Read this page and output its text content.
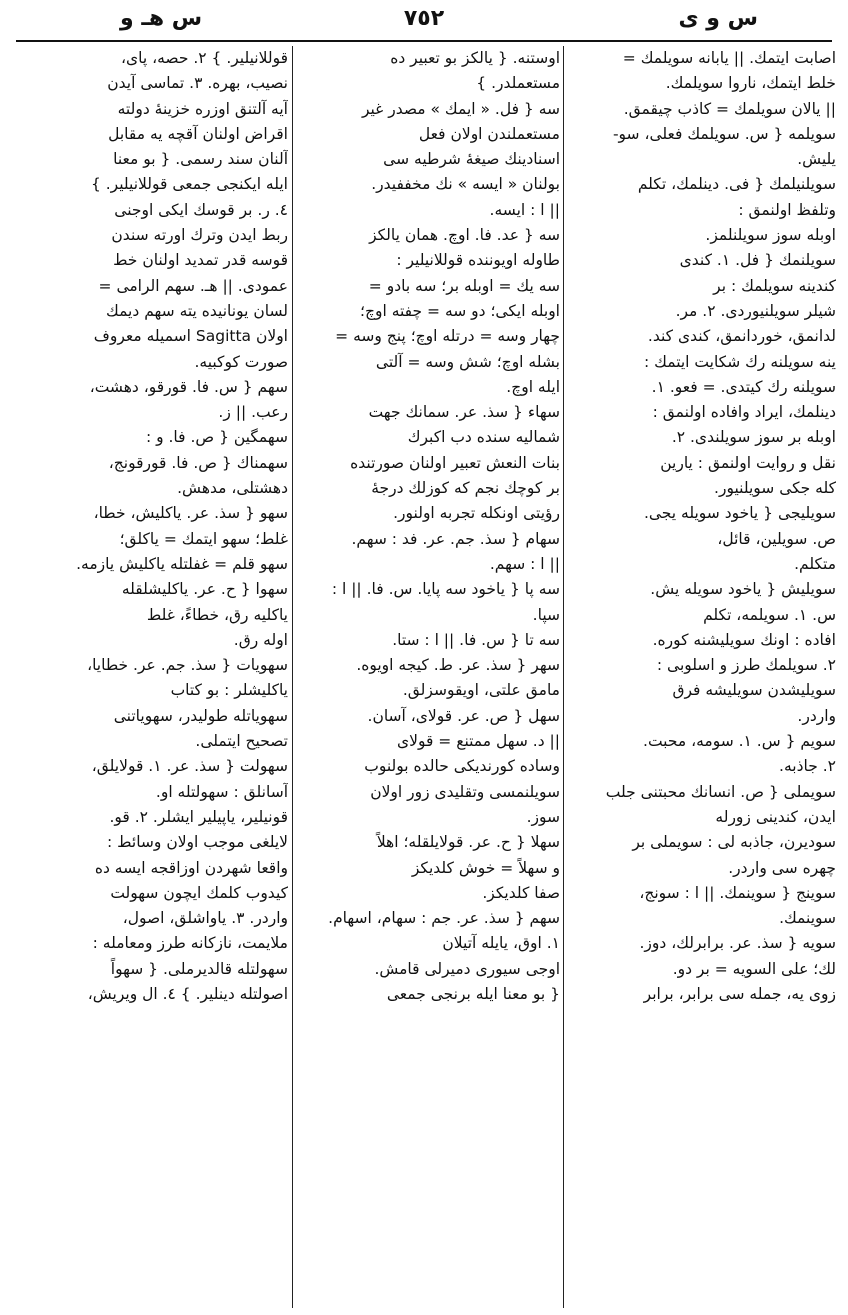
س هـ و	٧٥٢	س و ی
اصابت ایتمك. || یابانه سویلمك =
خلط ایتمك، ناروا سویلمك.
|| یالان سویلمك = كاذب چیقمق.
سویلمه { س. سویلمك فعلی، سو-
یلیش.
سویلنیلمك { فی. دینلمك، تكلم
وتلفظ اولنمق :
اوبله سوز سویلنلمز.
سویلنمك { فل. ١. كندی
كندینه سویلمك : بر
شیلر سویلنیوردی. ٢. مر.
لدانمق، خوردانمق، كندی كند.
ینه سویلنه رك شكایت ایتمك :
سویلنه رك كیتدی. = فعو. ١.
دینلمك، ایراد وافاده اولنمق :
اوبله بر سوز سویلندی. ٢.
نقل و روایت اولنمق : یارین
كله جكی سویلنیور.
سویلیجی { یاخود سویله یجی.
ص. سویلین، قائل،
متكلم.
سویلیش { یاخود سویله یش.
س. ١. سویلمه، تكلم
افاده : اونك سویلیشنه كوره.
٢. سویلمك طرز و اسلوبی :
سویلیشدن سویلیشه فرق
واردر.
سویم { س. ١. سومه، محبت.
٢. جاذبه.
سویملی { ص. انسانك محبتنی جلب
ایدن، كندینی زورله
سودیرن، جاذبه لی : سویملی بر
چهره سی واردر.
سوینج { سوینمك. || ا : سونج،
سوینمك.
سویه { سذ. عر. برابرلك، دوز.
لك؛ علی السویه = بر دو.
زوی یه، جمله سی برابر، برابر
اوستنه. { یالكز بو تعبیر ده
مستعملدر. }
سه { فل. « ایمك » مصدر غیر
مستعملندن اولان فعل
اسنادینك صیغهٔ شرطیه سی
بولنان « ایسه » نك مخففیدر.
|| ا : ایسه.
سه { عد. فا. اوچ. همان یالكز
طاوله اویوننده قوللانیلیر :
سه یك = اوبله بر؛ سه بادو =
اوبله ایكی؛ دو سه = چفته اوچ؛
چهار وسه = درتله اوچ؛ پنج وسه =
بشله اوچ؛ شش وسه = آلتی
ایله اوچ.
سهاء { سذ. عر. سمانك جهت
شمالیه سنده دب اكبرك
بنات النعش تعبیر اولنان صورتنده
بر كوچك نجم كه كوزلك درجهٔ
رؤیتی اونكله تجربه اولنور.
سهام { سذ. جم. عر. فد : سهم.
|| ا : سهم.
سه پا { یاخود سه پایا. س. فا. || ا :
سپا.
سه تا { س. فا. || ا : ستا.
سهر { سذ. عر. ط. كیجه اویوه.
مامق علتی، اویقوسزلق.
سهل { ص. عر. قولای، آسان.
|| د. سهل ممتنع = قولای
وساده كورندیكی حالده بولنوب
سویلنمسی وتقلیدی زور اولان
سوز.
سهلا { ح. عر. قولایلقله؛ اهلاً
و سهلاً = خوش كلدیكز
صفا كلدیكز.
سهم { سذ. عر. جم : سهام، اسهام.
١. اوق، یایله آتیلان
اوجی سیوری دمیرلی قامش.
{ بو معنا ایله برنجی جمعی
قوللانیلیر. } ٢. حصه، پای،
نصیب، بهره. ٣. تماسی آیدن
آیه آلتنق اوزره خزینهٔ دولته
اقراض اولنان آقچه یه مقابل
آلنان سند رسمی. { بو معنا
ایله ایكنجی جمعی قوللانیلیر. }
٤. ر. بر قوسك ایكی اوجنی
ربط ایدن وترك اورته سندن
قوسه قدر تمدید اولنان خط
عمودی. || هـ. سهم الرامی =
لسان یونانیده یته سهم دیمك
اولان Sagitta اسمیله معروف
صورت كوكبیه.
سهم { س. فا. قورقو، دهشت،
رعب. || ز.
سهمگین { ص. فا. و :
سهمناك { ص. فا. قورقونج،
دهشتلی، مدهش.
سهو { سذ. عر. یاكلیش، خطا،
غلط؛ سهو ایتمك = یاكلق؛
سهو قلم = غفلتله یاكلیش یازمه.
سهوا { ح. عر. یاكلیشلقله
یاكلیه رق، خطاءً، غلط
اوله رق.
سهویات { سذ. جم. عر. خطایا،
یاكلیشلر : بو كتاب
سهویاتله طولیدر، سهویاتنی
تصحیح ایتملی.
سهولت { سذ. عر. ١. قولایلق،
آسانلق : سهولتله او.
قونیلیر، یاپیلیر ایشلر. ٢. قو.
لایلغی موجب اولان وسائط :
واقعا شهردن اوزاقجه ایسه ده
كیدوب كلمك ایچون سهولت
واردر. ٣. یاواشلق، اصول،
ملایمت، نازكانه طرز ومعامله :
سهولتله قالدیرملی. { سهواً
اصولتله دینلیر. } ٤. ال ویریش،
